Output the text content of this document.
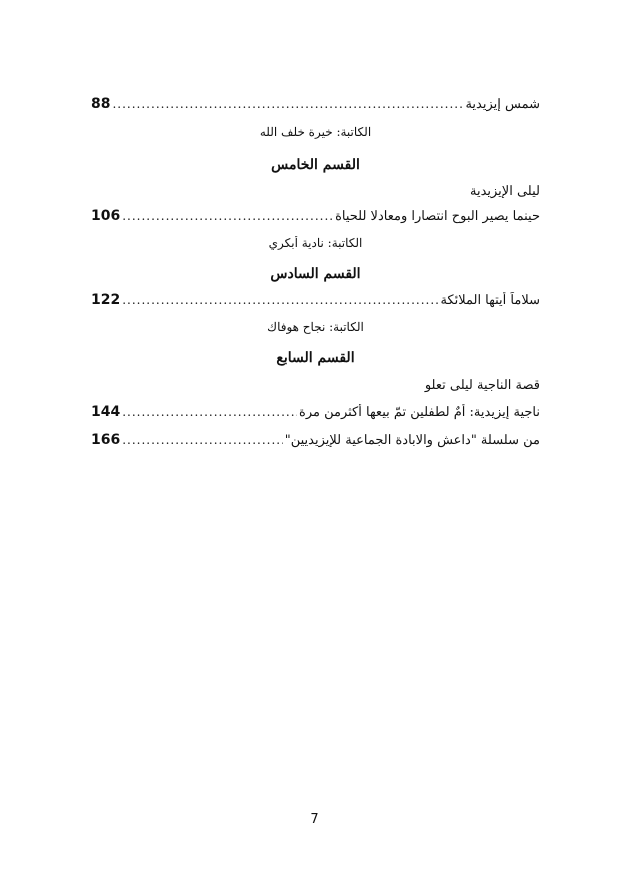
شمس إيزيدية
.....
88
الكاتبة: خيرة خلف الله
القسم الخامس
ليلى الإيزيدية
حينما يصير البوح انتصارا ومعادلا للحياة
.....
106
الكاتبة: نادية أبكري
القسم السادس
سلاماً أيتها الملائكة
.....
122
الكاتبة: نجاح هوفاك
القسم السابع
قصة الناجية ليلى تعلو
ناجية إيزيدية: أمٌ لطفلين تمّ بيعها أكثرمن مرة
.....
144
من سلسلة "داعش والابادة الجماعية للإيزيديين"
.....
166
7
